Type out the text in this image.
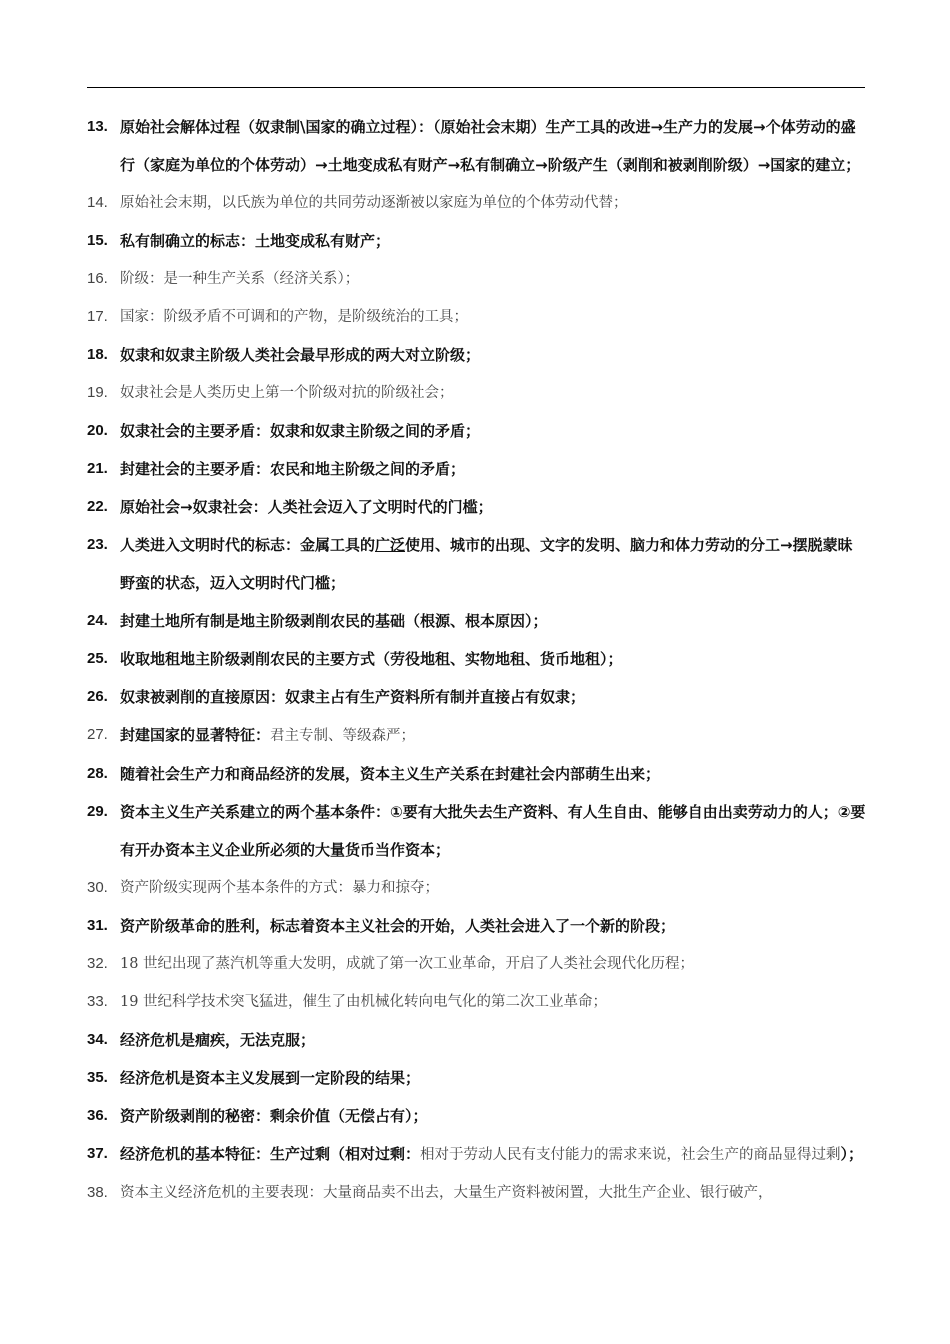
13. 原始社会解体过程（奴隶制\国家的确立过程）：（原始社会末期）生产工具的改进→生产力的发展→个体劳动的盛行（家庭为单位的个体劳动）→土地变成私有财产→私有制确立→阶级产生（剥削和被剥削阶级）→国家的建立；
14. 原始社会末期，以氏族为单位的共同劳动逐渐被以家庭为单位的个体劳动代替；
15. 私有制确立的标志：土地变成私有财产；
16. 阶级：是一种生产关系（经济关系）；
17. 国家：阶级矛盾不可调和的产物，是阶级统治的工具；
18. 奴隶和奴隶主阶级人类社会最早形成的两大对立阶级；
19. 奴隶社会是人类历史上第一个阶级对抗的阶级社会；
20. 奴隶社会的主要矛盾：奴隶和奴隶主阶级之间的矛盾；
21. 封建社会的主要矛盾：农民和地主阶级之间的矛盾；
22. 原始社会→奴隶社会：人类社会迈入了文明时代的门槛；
23. 人类进入文明时代的标志：金属工具的广泛使用、城市的出现、文字的发明、脑力和体力劳动的分工→摆脱蒙昧野蛮的状态，迈入文明时代门槛；
24. 封建土地所有制是地主阶级剥削农民的基础（根源、根本原因）；
25. 收取地租地主阶级剥削农民的主要方式（劳役地租、实物地租、货币地租）；
26. 奴隶被剥削的直接原因：奴隶主占有生产资料所有制并直接占有奴隶；
27. 封建国家的显著特征：君主专制、等级森严；
28. 随着社会生产力和商品经济的发展，资本主义生产关系在封建社会内部萌生出来；
29. 资本主义生产关系建立的两个基本条件：①要有大批失去生产资料、有人生自由、能够自由出卖劳动力的人；②要有开办资本主义企业所必须的大量货币当作资本；
30. 资产阶级实现两个基本条件的方式：暴力和掠夺；
31. 资产阶级革命的胜利，标志着资本主义社会的开始，人类社会进入了一个新的阶段；
32. 18 世纪出现了蒸汽机等重大发明，成就了第一次工业革命，开启了人类社会现代化历程；
33. 19 世纪科学技术突飞猛进，催生了由机械化转向电气化的第二次工业革命；
34. 经济危机是痼疾，无法克服；
35. 经济危机是资本主义发展到一定阶段的结果；
36. 资产阶级剥削的秘密：剩余价值（无偿占有）；
37. 经济危机的基本特征：生产过剩（相对过剩：相对于劳动人民有支付能力的需求来说，社会生产的商品显得过剩）；
38. 资本主义经济危机的主要表现：大量商品卖不出去，大量生产资料被闲置，大批生产企业、银行破产，
